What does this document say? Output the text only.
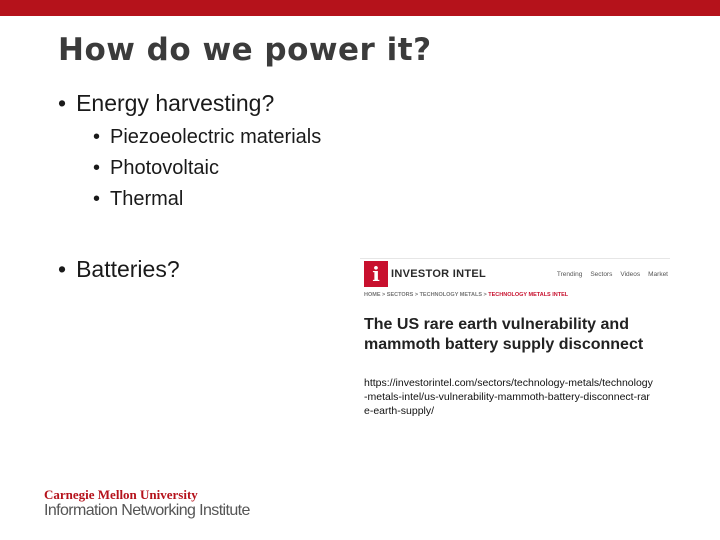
How do we power it?
• Energy harvesting?
• Piezoeolectric materials
• Photovoltaic
• Thermal
• Batteries?	i	INVESTOR INTEL	Trending Sectors Videos Market
HOME > SECTORS > TECHNOLOGY METALS > TECHNOLOGY METALS INTEL
The US rare earth vulnerability and mammoth battery supply disconnect
https://investorintel.com/sectors/technology-metals/technology-metals-intel/us-vulnerability-mammoth-battery-disconnect-rare-earth-supply/
Carnegie Mellon University
Information Networking Institute
